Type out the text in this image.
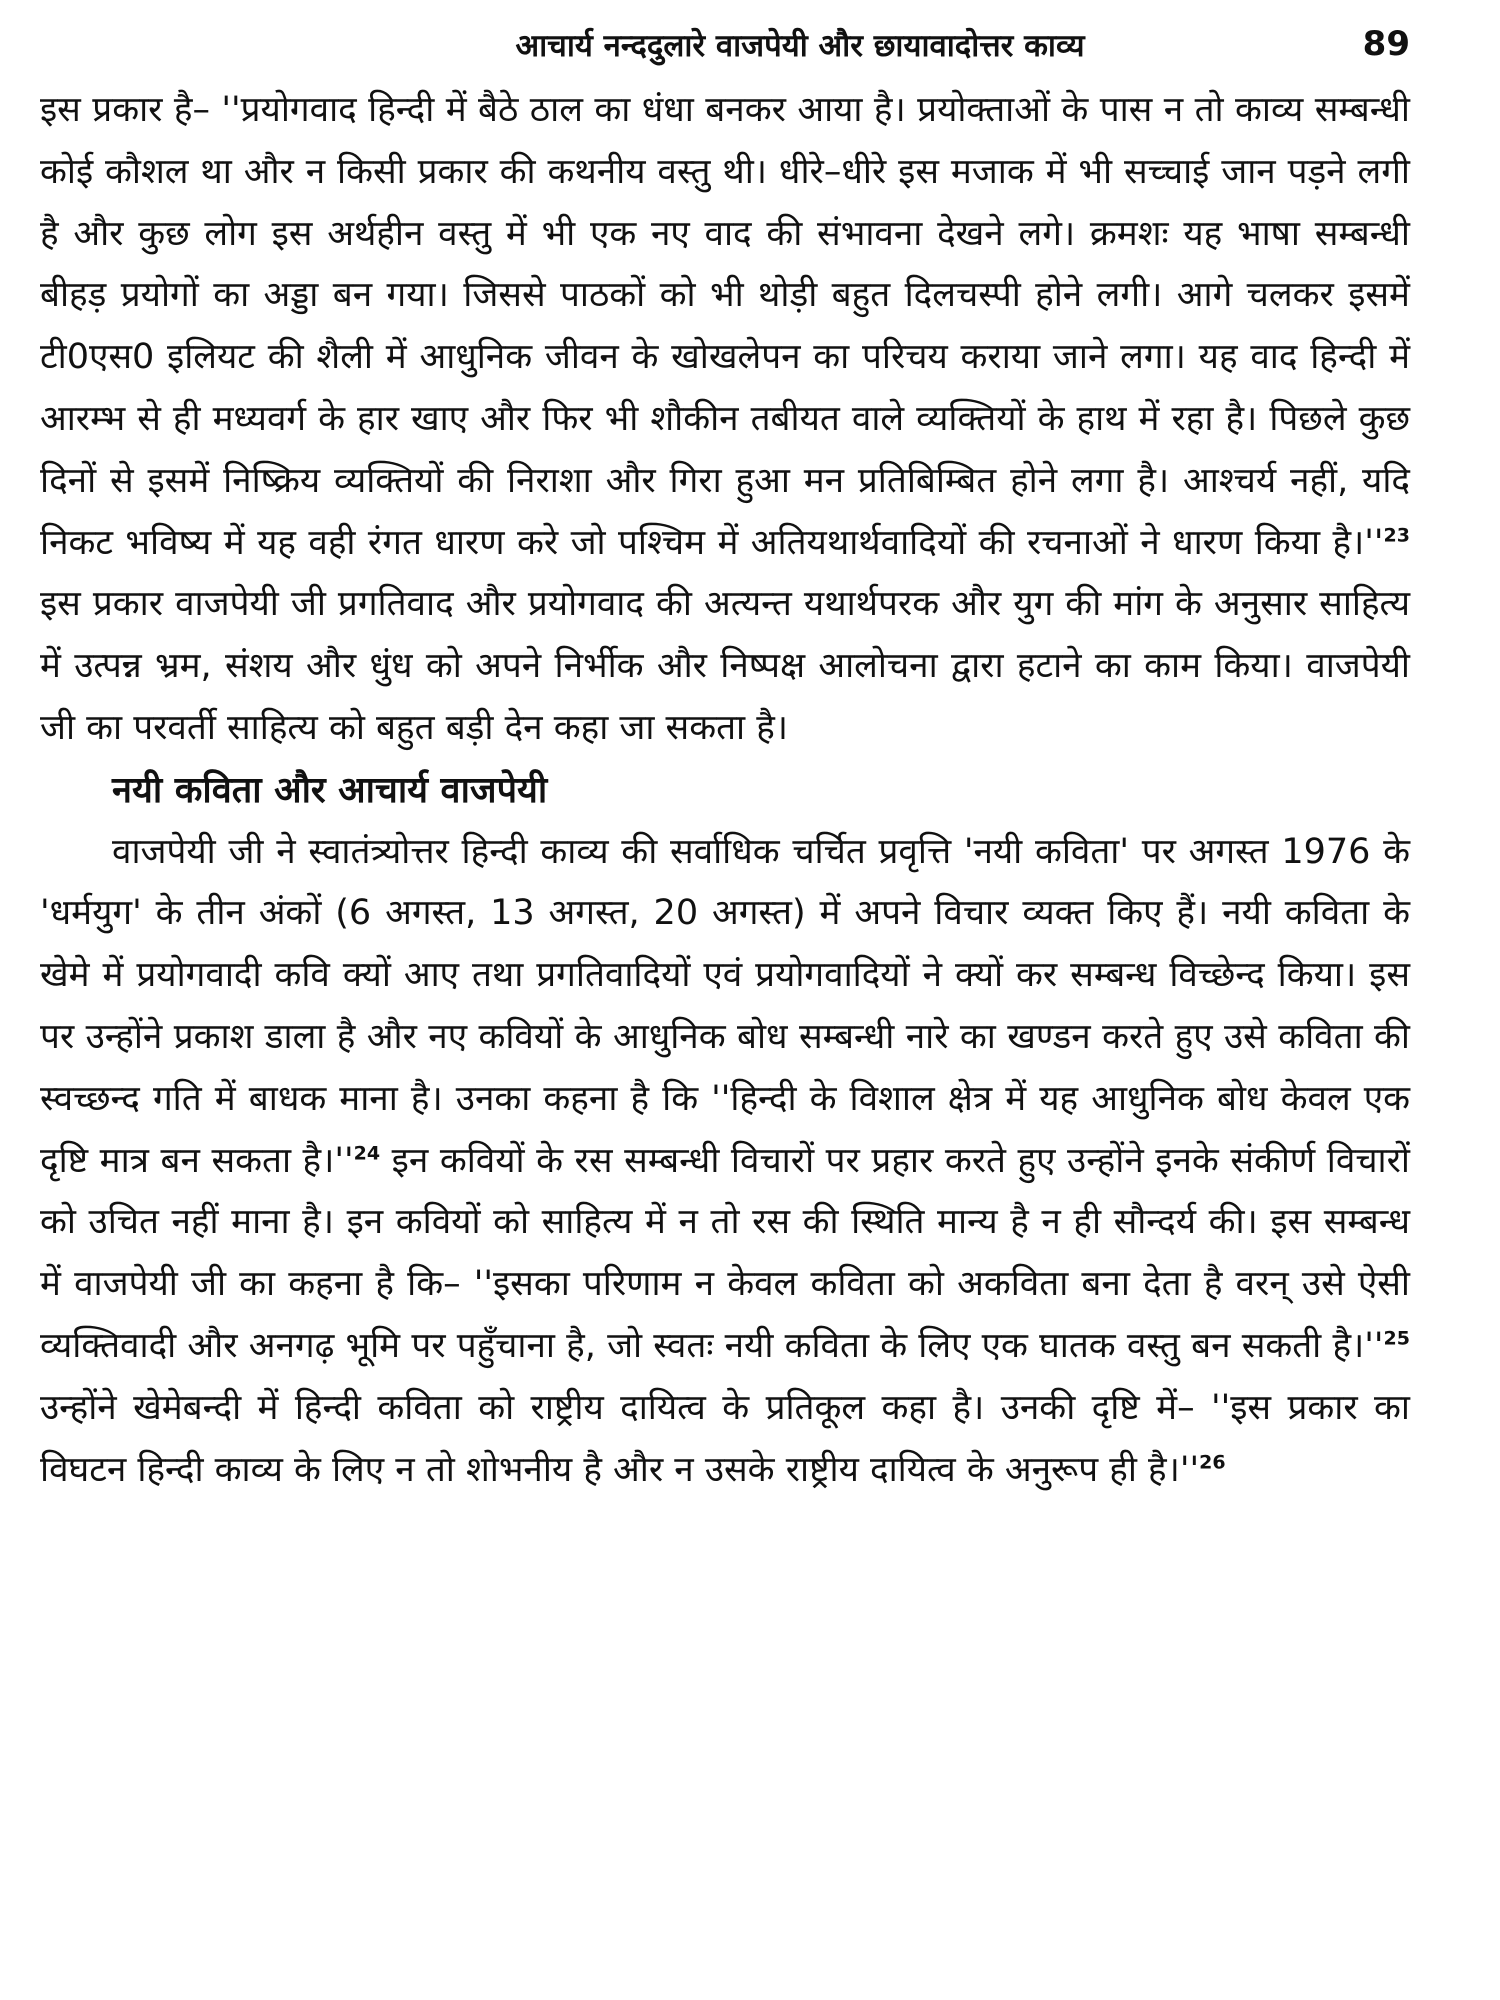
आचार्य नन्ददुलारे वाजपेयी और छायावादोत्तर काव्य	89

इस प्रकार है– ''प्रयोगवाद हिन्दी में बैठे ठाल का धंधा बनकर आया है। प्रयोक्ताओं के पास न तो काव्य सम्बन्धी कोई कौशल था और न किसी प्रकार की कथनीय वस्तु थी। धीरे–धीरे इस मजाक में भी सच्चाई जान पड़ने लगी है और कुछ लोग इस अर्थहीन वस्तु में भी एक नए वाद की संभावना देखने लगे। क्रमशः यह भाषा सम्बन्धी बीहड़ प्रयोगों का अड्डा बन गया। जिससे पाठकों को भी थोड़ी बहुत दिलचस्पी होने लगी। आगे चलकर इसमें टी0एस0 इलियट की शैली में आधुनिक जीवन के खोखलेपन का परिचय कराया जाने लगा। यह वाद हिन्दी में आरम्भ से ही मध्यवर्ग के हार खाए और फिर भी शौकीन तबीयत वाले व्यक्तियों के हाथ में रहा है। पिछले कुछ दिनों से इसमें निष्क्रिय व्यक्तियों की निराशा और गिरा हुआ मन प्रतिबिम्बित होने लगा है। आश्चर्य नहीं, यदि निकट भविष्य में यह वही रंगत धारण करे जो पश्चिम में अतियथार्थवादियों की रचनाओं ने धारण किया $है।''^{23}$ इस प्रकार वाजपेयी जी प्रगतिवाद और प्रयोगवाद की अत्यन्त यथार्थपरक और युग की मांग के अनुसार साहित्य में उत्पन्न भ्रम, संशय और धुंध को अपने निर्भीक और निष्पक्ष आलोचना द्वारा हटाने का काम किया। वाजपेयी जी का परवर्ती साहित्य को बहुत बड़ी देन कहा जा सकता है।

नयी कविता और आचार्य वाजपेयी

वाजपेयी जी ने स्वातंत्र्योत्तर हिन्दी काव्य की सर्वाधिक चर्चित प्रवृत्ति 'नयी कविता' पर अगस्त 1976 के 'धर्मयुग' के तीन अंकों (6 अगस्त, 13 अगस्त, 20 अगस्त) में अपने विचार व्यक्त किए हैं। नयी कविता के खेमे में प्रयोगवादी कवि क्यों आए तथा प्रगतिवादियों एवं प्रयोगवादियों ने क्यों कर सम्बन्ध विच्छेन्द किया। इस पर उन्होंने प्रकाश डाला है और नए कवियों के आधुनिक बोध सम्बन्धी नारे का खण्डन करते हुए उसे कविता की स्वच्छन्द गति में बाधक माना है। उनका कहना है कि ''हिन्दी के विशाल क्षेत्र में यह आधुनिक बोध केवल एक दृष्टि मात्र बन सकता $है।''^{24}$ इन कवियों के रस सम्बन्धी विचारों पर प्रहार करते हुए उन्होंने इनके संकीर्ण विचारों को उचित नहीं माना है। इन कवियों को साहित्य में न तो रस की स्थिति मान्य है न ही सौन्दर्य की। इस सम्बन्ध में वाजपेयी जी का कहना है कि– ''इसका परिणाम न केवल कविता को अकविता बना देता है वरन् उसे ऐसी व्यक्तिवादी और अनगढ़ भूमि पर पहुँचाना है, जो स्वतः नयी कविता के लिए एक घातक वस्तु बन सकती $है।''^{25}$ उन्होंने खेमेबन्दी में हिन्दी कविता को राष्ट्रीय दायित्व के प्रतिकूल कहा है। उनकी दृष्टि में– ''इस प्रकार का विघटन हिन्दी काव्य के लिए न तो शोभनीय है और न उसके राष्ट्रीय दायित्व के अनुरूप ही $है।''^{26}$
